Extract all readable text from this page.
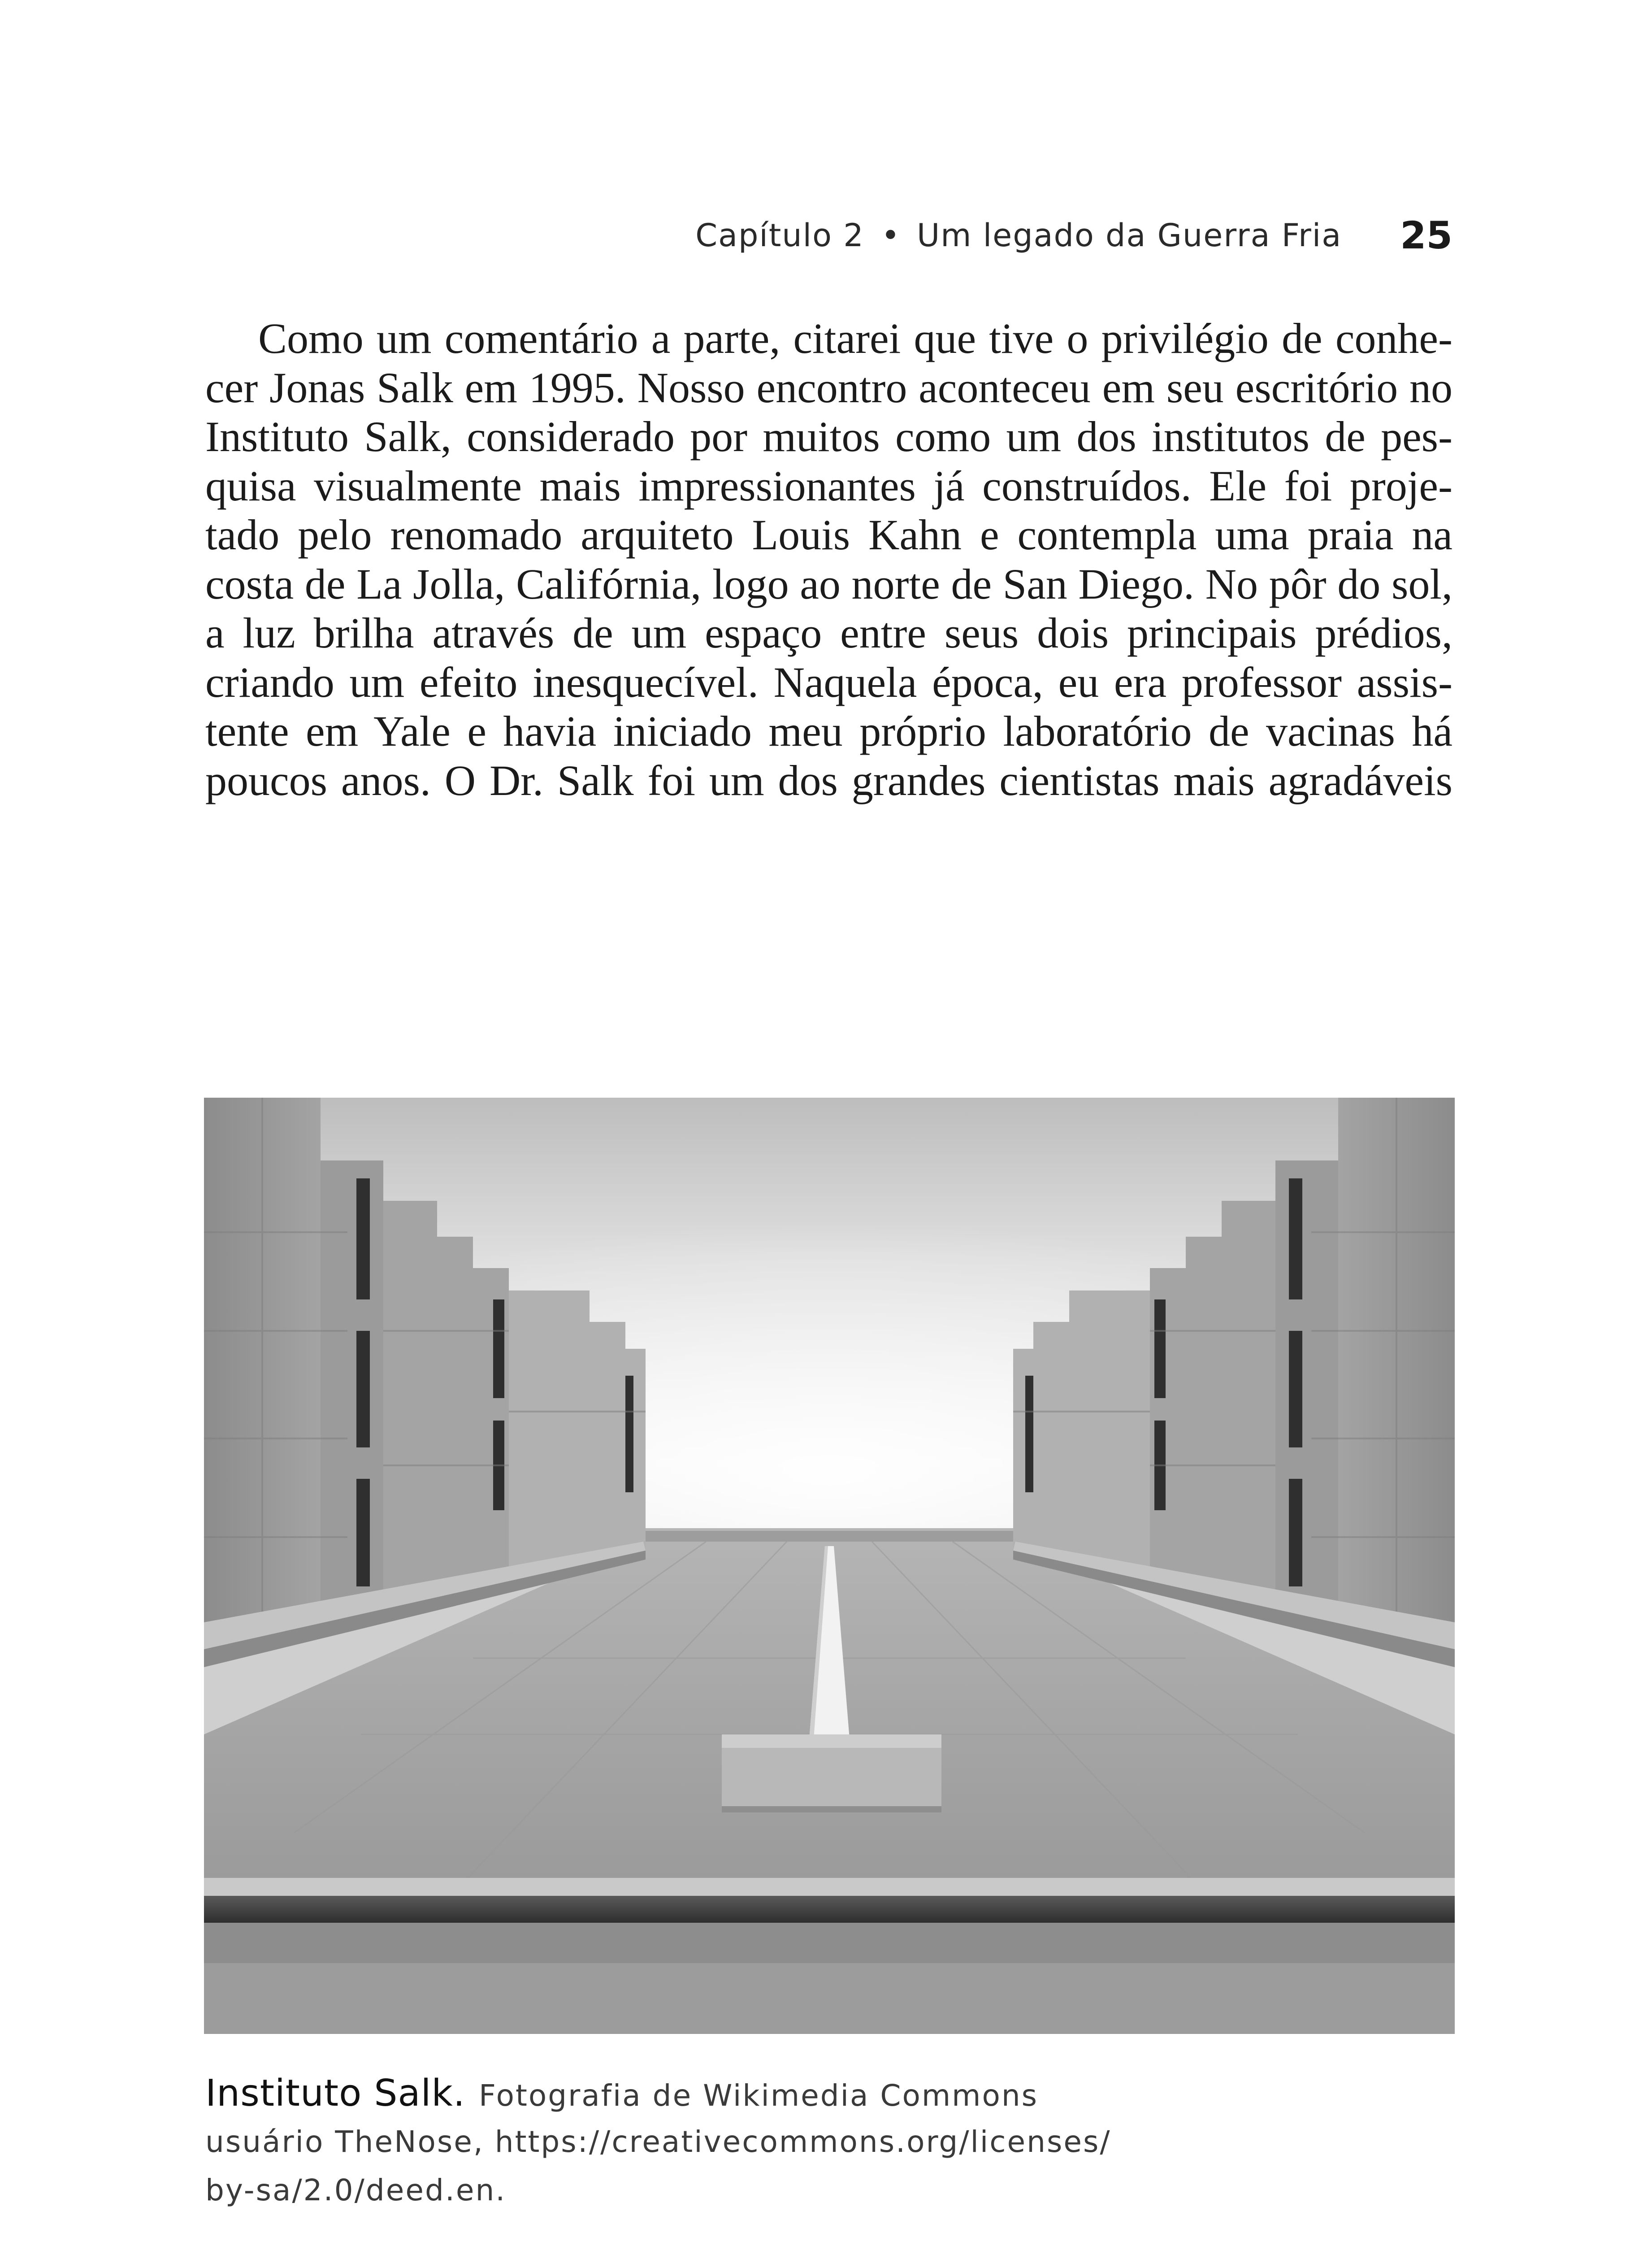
Capítulo 2 • Um legado da Guerra Fria 25
Como um comentário a parte, citarei que tive o privilégio de conhe-
cer Jonas Salk em 1995. Nosso encontro aconteceu em seu escritório no
Instituto Salk, considerado por muitos como um dos institutos de pes-
quisa visualmente mais impressionantes já construídos. Ele foi proje-
tado pelo renomado arquiteto Louis Kahn e contempla uma praia na
costa de La Jolla, Califórnia, logo ao norte de San Diego. No pôr do sol,
a luz brilha através de um espaço entre seus dois principais prédios,
criando um efeito inesquecível. Naquela época, eu era professor assis-
tente em Yale e havia iniciado meu próprio laboratório de vacinas há
poucos anos. O Dr. Salk foi um dos grandes cientistas mais agradáveis
Instituto Salk. Fotografia de Wikimedia Commons
usuário TheNose, https://creativecommons.org/licenses/
by-sa/2.0/deed.en.
